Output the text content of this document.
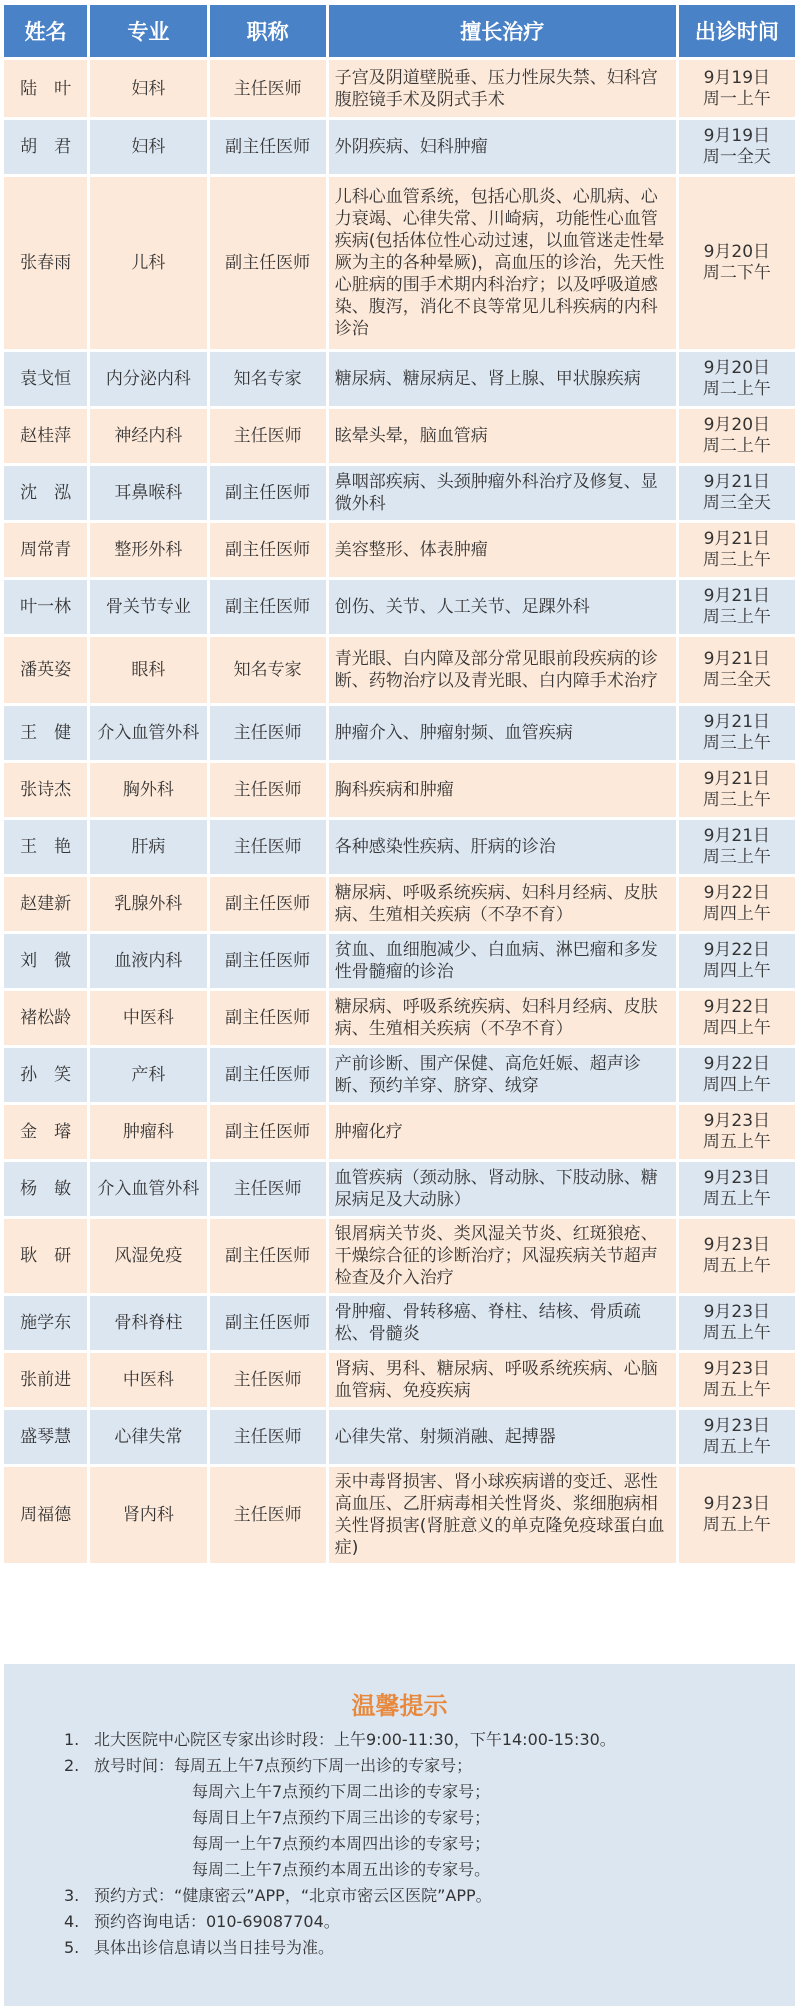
姓名	专业	职称	擅长治疗	出诊时间
陆　叶	妇科	主任医师	子宫及阴道壁脱垂、压力性尿失禁、妇科宫腹腔镜手术及阴式手术	9月19日
周一上午

胡　君	妇科	副主任医师	外阴疾病、妇科肿瘤	9月19日
周一全天

张春雨	儿科	副主任医师	儿科心血管系统，包括心肌炎、心肌病、心力衰竭、心律失常、川崎病，功能性心血管疾病(包括体位性心动过速，以血管迷走性晕厥为主的各种晕厥)，高血压的诊治，先天性心脏病的围手术期内科治疗；以及呼吸道感染、腹泻，消化不良等常见儿科疾病的内科诊治	9月20日
周二下午

袁戈恒	内分泌内科	知名专家	糖尿病、糖尿病足、肾上腺、甲状腺疾病	9月20日
周二上午

赵桂萍	神经内科	主任医师	眩晕头晕，脑血管病	9月20日
周二上午

沈　泓	耳鼻喉科	副主任医师	鼻咽部疾病、头颈肿瘤外科治疗及修复、显微外科	9月21日
周三全天

周常青	整形外科	副主任医师	美容整形、体表肿瘤	9月21日
周三上午

叶一林	骨关节专业	副主任医师	创伤、关节、人工关节、足踝外科	9月21日
周三上午

潘英姿	眼科	知名专家	青光眼、白内障及部分常见眼前段疾病的诊断、药物治疗以及青光眼、白内障手术治疗	9月21日
周三全天

王　健	介入血管外科	主任医师	肿瘤介入、肿瘤射频、血管疾病	9月21日
周三上午

张诗杰	胸外科	主任医师	胸科疾病和肿瘤	9月21日
周三上午

王　艳	肝病	主任医师	各种感染性疾病、肝病的诊治	9月21日
周三上午

赵建新	乳腺外科	副主任医师	糖尿病、呼吸系统疾病、妇科月经病、皮肤病、生殖相关疾病（不孕不育）	9月22日
周四上午

刘　微	血液内科	副主任医师	贫血、血细胞减少、白血病、淋巴瘤和多发性骨髓瘤的诊治	9月22日
周四上午

褚松龄	中医科	副主任医师	糖尿病、呼吸系统疾病、妇科月经病、皮肤病、生殖相关疾病（不孕不育）	9月22日
周四上午

孙　笑	产科	副主任医师	产前诊断、围产保健、高危妊娠、超声诊断、预约羊穿、脐穿、绒穿	9月22日
周四上午

金　璿	肿瘤科	副主任医师	肿瘤化疗	9月23日
周五上午

杨　敏	介入血管外科	主任医师	血管疾病（颈动脉、肾动脉、下肢动脉、糖尿病足及大动脉）	9月23日
周五上午

耿　研	风湿免疫	副主任医师	银屑病关节炎、类风湿关节炎、红斑狼疮、干燥综合征的诊断治疗；风湿疾病关节超声检查及介入治疗	9月23日
周五上午

施学东	骨科脊柱	副主任医师	骨肿瘤、骨转移癌、脊柱、结核、骨质疏松、骨髓炎	9月23日
周五上午

张前进	中医科	主任医师	肾病、男科、糖尿病、呼吸系统疾病、心脑血管病、免疫疾病	9月23日
周五上午

盛琴慧	心律失常	主任医师	心律失常、射频消融、起搏器	9月23日
周五上午

周福德	肾内科	主任医师	汞中毒肾损害、肾小球疾病谱的变迁、恶性高血压、乙肝病毒相关性肾炎、浆细胞病相关性肾损害(肾脏意义的单克隆免疫球蛋白血症)	9月23日
周五上午
温馨提示
1. 北大医院中心院区专家出诊时段：上午9:00-11:30，下午14:00-15:30。
2. 放号时间：每周五上午7点预约下周一出诊的专家号；
每周六上午7点预约下周二出诊的专家号；
每周日上午7点预约下周三出诊的专家号；
每周一上午7点预约本周四出诊的专家号；
每周二上午7点预约本周五出诊的专家号。
3. 预约方式：“健康密云”APP，“北京市密云区医院”APP。
4. 预约咨询电话：010-69087704。
5. 具体出诊信息请以当日挂号为准。
